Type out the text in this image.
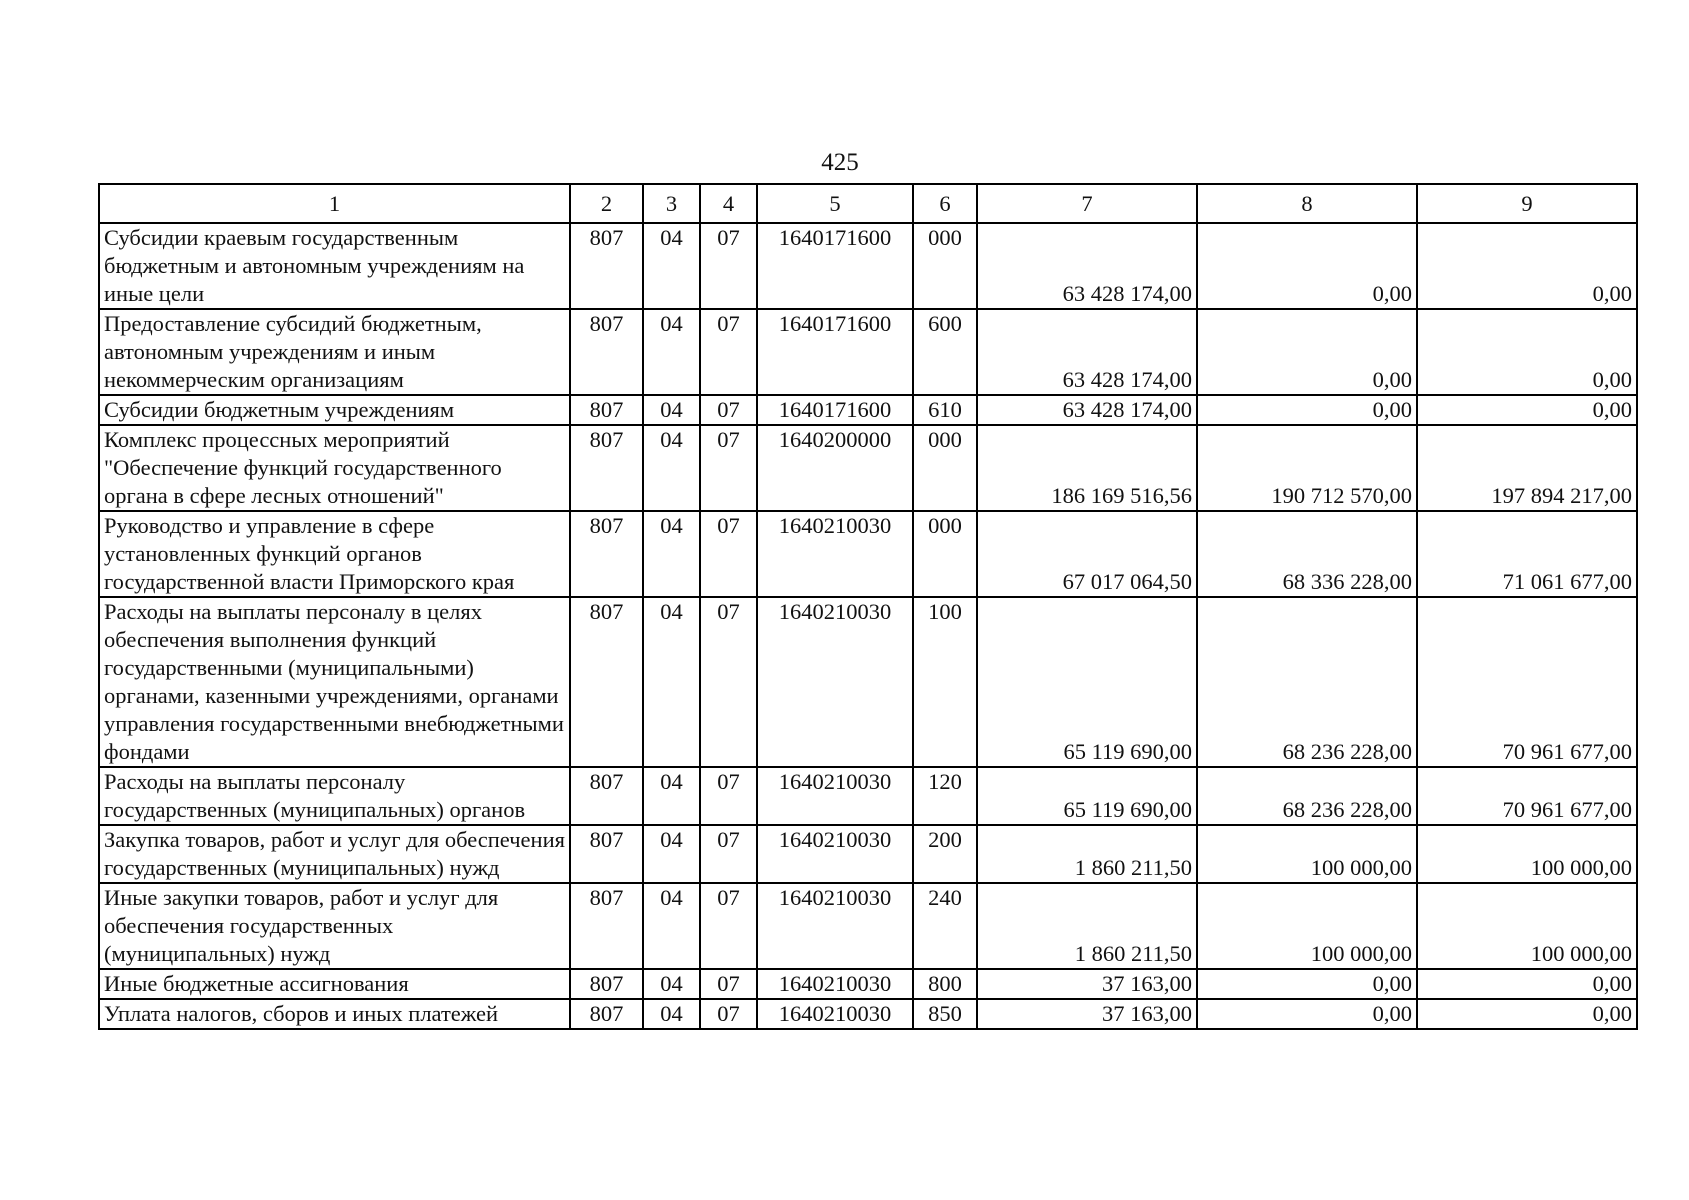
425
1	2	3	4	5	6	7	8	9
Субсидии краевым государственным бюджетным и автономным учреждениям на иные цели	807	04	07	1640171600	000	63 428 174,00	0,00	0,00
Предоставление субсидий бюджетным, автономным учреждениям и иным некоммерческим организациям	807	04	07	1640171600	600	63 428 174,00	0,00	0,00
Субсидии бюджетным учреждениям	807	04	07	1640171600	610	63 428 174,00	0,00	0,00
Комплекс процессных мероприятий "Обеспечение функций государственного органа в сфере лесных отношений"	807	04	07	1640200000	000	186 169 516,56	190 712 570,00	197 894 217,00
Руководство и управление в сфере установленных функций органов государственной власти Приморского края	807	04	07	1640210030	000	67 017 064,50	68 336 228,00	71 061 677,00
Расходы на выплаты персоналу в целях обеспечения выполнения функций государственными (муниципальными) органами, казенными учреждениями, органами управления государственными внебюджетными фондами	807	04	07	1640210030	100	65 119 690,00	68 236 228,00	70 961 677,00
Расходы на выплаты персоналу государственных (муниципальных) органов	807	04	07	1640210030	120	65 119 690,00	68 236 228,00	70 961 677,00
Закупка товаров, работ и услуг для обеспечения государственных (муниципальных) нужд	807	04	07	1640210030	200	1 860 211,50	100 000,00	100 000,00
Иные закупки товаров, работ и услуг для обеспечения государственных (муниципальных) нужд	807	04	07	1640210030	240	1 860 211,50	100 000,00	100 000,00
Иные бюджетные ассигнования	807	04	07	1640210030	800	37 163,00	0,00	0,00
Уплата налогов, сборов и иных платежей	807	04	07	1640210030	850	37 163,00	0,00	0,00
